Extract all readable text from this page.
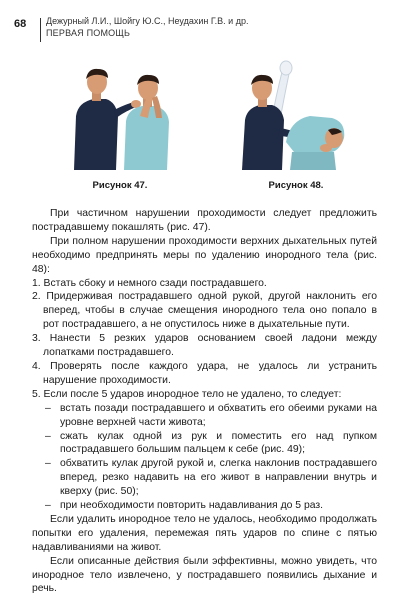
68 Дежурный Л.И., Шойгу Ю.С., Неудахин Г.В. и др.
ПЕРВАЯ ПОМОЩЬ
Рисунок 47.	Рисунок 48.

При частичном нарушении проходимости следует предложить пострадавшему покашлять (рис. 47).

При полном нарушении проходимости верхних дыхательных путей необходимо предпринять меры по удалению инородного тела (рис. 48):

1. Встать сбоку и немного сзади пострадавшего.

2. Придерживая пострадавшего одной рукой, другой наклонить его вперед, чтобы в случае смещения инородного тела оно попало в рот пострадавшего, а не опустилось ниже в дыхательные пути.

3. Нанести 5 резких ударов основанием своей ладони между лопатками пострадавшего.

4. Проверять после каждого удара, не удалось ли устранить нарушение проходимости.

5. Если после 5 ударов инородное тело не удалено, то следует:

– встать позади пострадавшего и обхватить его обеими руками на уровне верхней части живота;

– сжать кулак одной из рук и поместить его над пупком пострадавшего большим пальцем к себе (рис. 49);

– обхватить кулак другой рукой и, слегка наклонив пострадавшего вперед, резко надавить на его живот в направлении внутрь и кверху (рис. 50);

– при необходимости повторить надавливания до 5 раз.

Если удалить инородное тело не удалось, необходимо продолжать попытки его удаления, перемежая пять ударов по спине с пятью надавливаниями на живот.

Если описанные действия были эффективны, можно увидеть, что инородное тело извлечено, у пострадавшего появились дыхание и речь.
